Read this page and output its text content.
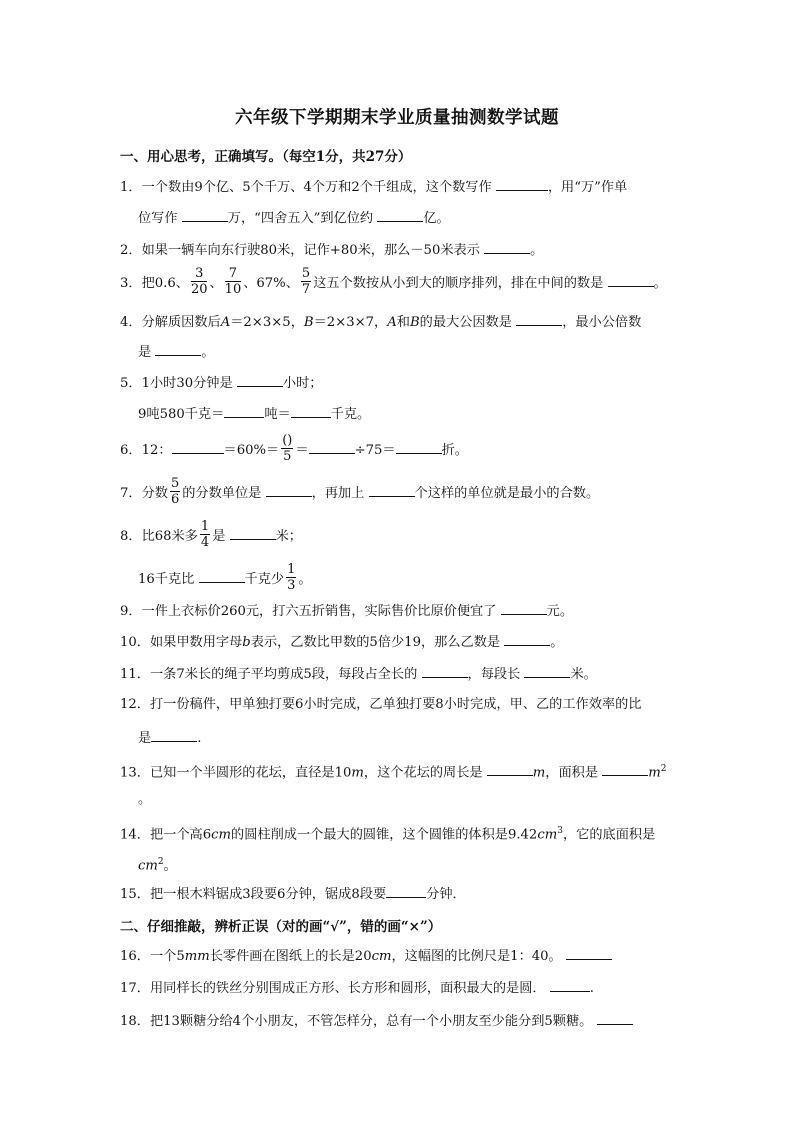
六年级下学期期末学业质量抽测数学试题
一、用心思考，正确填写。（每空1分，共27分）
1．一个数由9个亿、5个千万、4个万和2个千组成，这个数写作	，用“万”作单
位写作	万，“四舍五入”到亿位约	亿。
2．如果一辆车向东行驶80米，记作+80米，那么－50米表示	。
3．把0.6、 $\frac{3}{20}$ 、 $\frac{7}{10}$ 、67%、 $\frac{5}{7}$ 这五个数按从小到大的顺序排列，排在中间的数是	。
4．分解质因数后A＝2×3×5，B＝2×3×7，A和B的最大公因数是	，最小公倍数
是	。
5．1小时30分钟是	小时；
9吨580千克＝	吨＝	千克。
6．12：	$=60\%= \frac{()}{5}$ ＝	÷75＝	折。
7．分数 $\frac{5}{6}$ 的分数单位是	，再加上	个这样的单位就是最小的合数。
8．比68米多 $\frac{1}{4}$ 是	米；
16千克比	千克少 $\frac{1}{3}$ 。
9．一件上衣标价260元，打六五折销售，实际售价比原价便宜了	元。
10．如果甲数用字母b表示，乙数比甲数的5倍少19，那么乙数是	。
11．一条7米长的绳子平均剪成5段，每段占全长的	，每段长	米。
12．打一份稿件，甲单独打要6小时完成，乙单独打要8小时完成，甲、乙的工作效率的比
是	.
13．已知一个半圆形的花坛，直径是10m，这个花坛的周长是	m，面积是	$m^2$
。
14．把一个高6cm的圆柱削成一个最大的圆锥，这个圆锥的体积是$9.42cm^3$，它的底面积是
$cm^2$。
15．把一根木料锯成3段要6分钟，锯成8段要	分钟．
二、仔细推敲，辨析正误（对的画“√”，错的画“×”）
16．一个5mm长零件画在图纸上的长是20cm，这幅图的比例尺是1：40。
17．用同样长的铁丝分别围成正方形、长方形和圆形，面积最大的是圆．	.
18．把13颗糖分给4个小朋友，不管怎样分，总有一个小朋友至少能分到5颗糖。
